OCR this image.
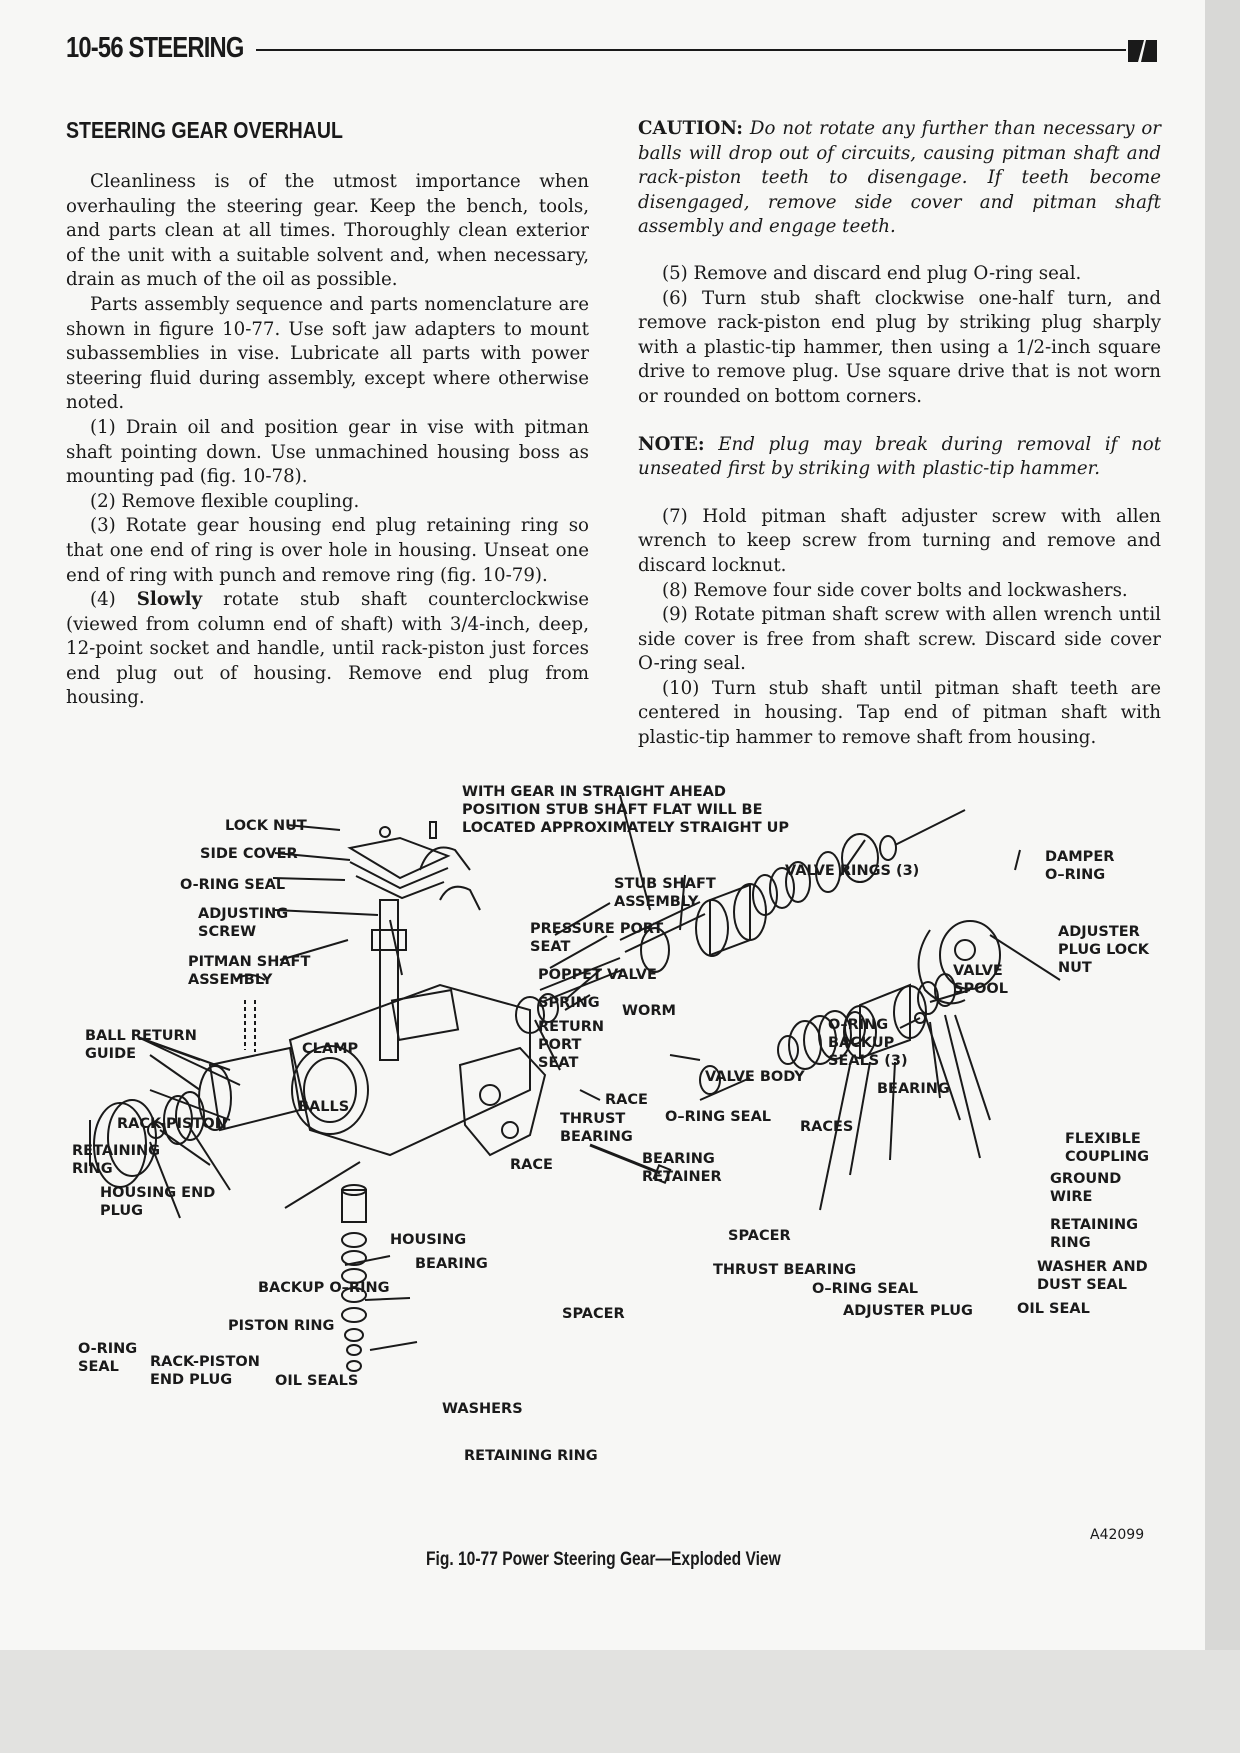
10-56 STEERING
STEERING GEAR OVERHAUL

Cleanliness is of the utmost importance when overhauling the steering gear. Keep the bench, tools, and parts clean at all times. Thoroughly clean exterior of the unit with a suitable solvent and, when necessary, drain as much of the oil as possible.

Parts assembly sequence and parts nomenclature are shown in figure 10-77. Use soft jaw adapters to mount subassemblies in vise. Lubricate all parts with power steering fluid during assembly, except where otherwise noted.

(1) Drain oil and position gear in vise with pitman shaft pointing down. Use unmachined housing boss as mounting pad (fig. 10-78).

(2) Remove flexible coupling.

(3) Rotate gear housing end plug retaining ring so that one end of ring is over hole in housing. Unseat one end of ring with punch and remove ring (fig. 10-79).

(4) Slowly rotate stub shaft counterclockwise (viewed from column end of shaft) with 3/4-inch, deep, 12-point socket and handle, until rack-piston just forces end plug out of housing. Remove end plug from housing.

CAUTION: Do not rotate any further than necessary or balls will drop out of circuits, causing pitman shaft and rack-piston teeth to disengage. If teeth become disengaged, remove side cover and pitman shaft assembly and engage teeth.

(5) Remove and discard end plug O-ring seal.

(6) Turn stub shaft clockwise one-half turn, and remove rack-piston end plug by striking plug sharply with a plastic-tip hammer, then using a 1/2-inch square drive to remove plug. Use square drive that is not worn or rounded on bottom corners.

NOTE: End plug may break during removal if not unseated first by striking with plastic-tip hammer.

(7) Hold pitman shaft adjuster screw with allen wrench to keep screw from turning and remove and discard locknut.

(8) Remove four side cover bolts and lockwashers.

(9) Rotate pitman shaft screw with allen wrench until side cover is free from shaft screw. Discard side cover O-ring seal.

(10) Turn stub shaft until pitman shaft teeth are centered in housing. Tap end of pitman shaft with plastic-tip hammer to remove shaft from housing.

LOCK NUT
SIDE COVER
O-RING SEAL
ADJUSTING
SCREW
PITMAN SHAFT
ASSEMBLY
BALL RETURN
GUIDE	CLAMP
BALLS
RACK-PISTON
RETAINING
RING
HOUSING END
PLUG
HOUSING
BEARING
BACKUP O–RING
PISTON RING
O-RING
SEAL	RACK-PISTON
END PLUG	OIL SEALS
WASHERS
RETAINING RING
WITH GEAR IN STRAIGHT AHEAD
POSITION STUB SHAFT FLAT WILL BE
LOCATED APPROXIMATELY STRAIGHT UP
STUB SHAFT
ASSEMBLY
PRESSURE PORT
SEAT
POPPET VALVE
SPRING WORM
RETURN
PORT
SEAT
RACE
THRUST
BEARING
RACE
VALVE RINGS (3)
DAMPER
O–RING
ADJUSTER
PLUG LOCK
NUT
VALVE
SPOOL
O–RING
BACKUP
SEALS (3)
VALVE BODY
O–RING SEAL
BEARING
RACES
BEARING
RETAINER
FLEXIBLE
COUPLING
GROUND
WIRE
RETAINING
RING
SPACER
THRUST BEARING	WASHER AND
DUST SEAL
O–RING SEAL
ADJUSTER PLUG	OIL SEAL
SPACER
A42099
Fig. 10-77 Power Steering Gear—Exploded View
